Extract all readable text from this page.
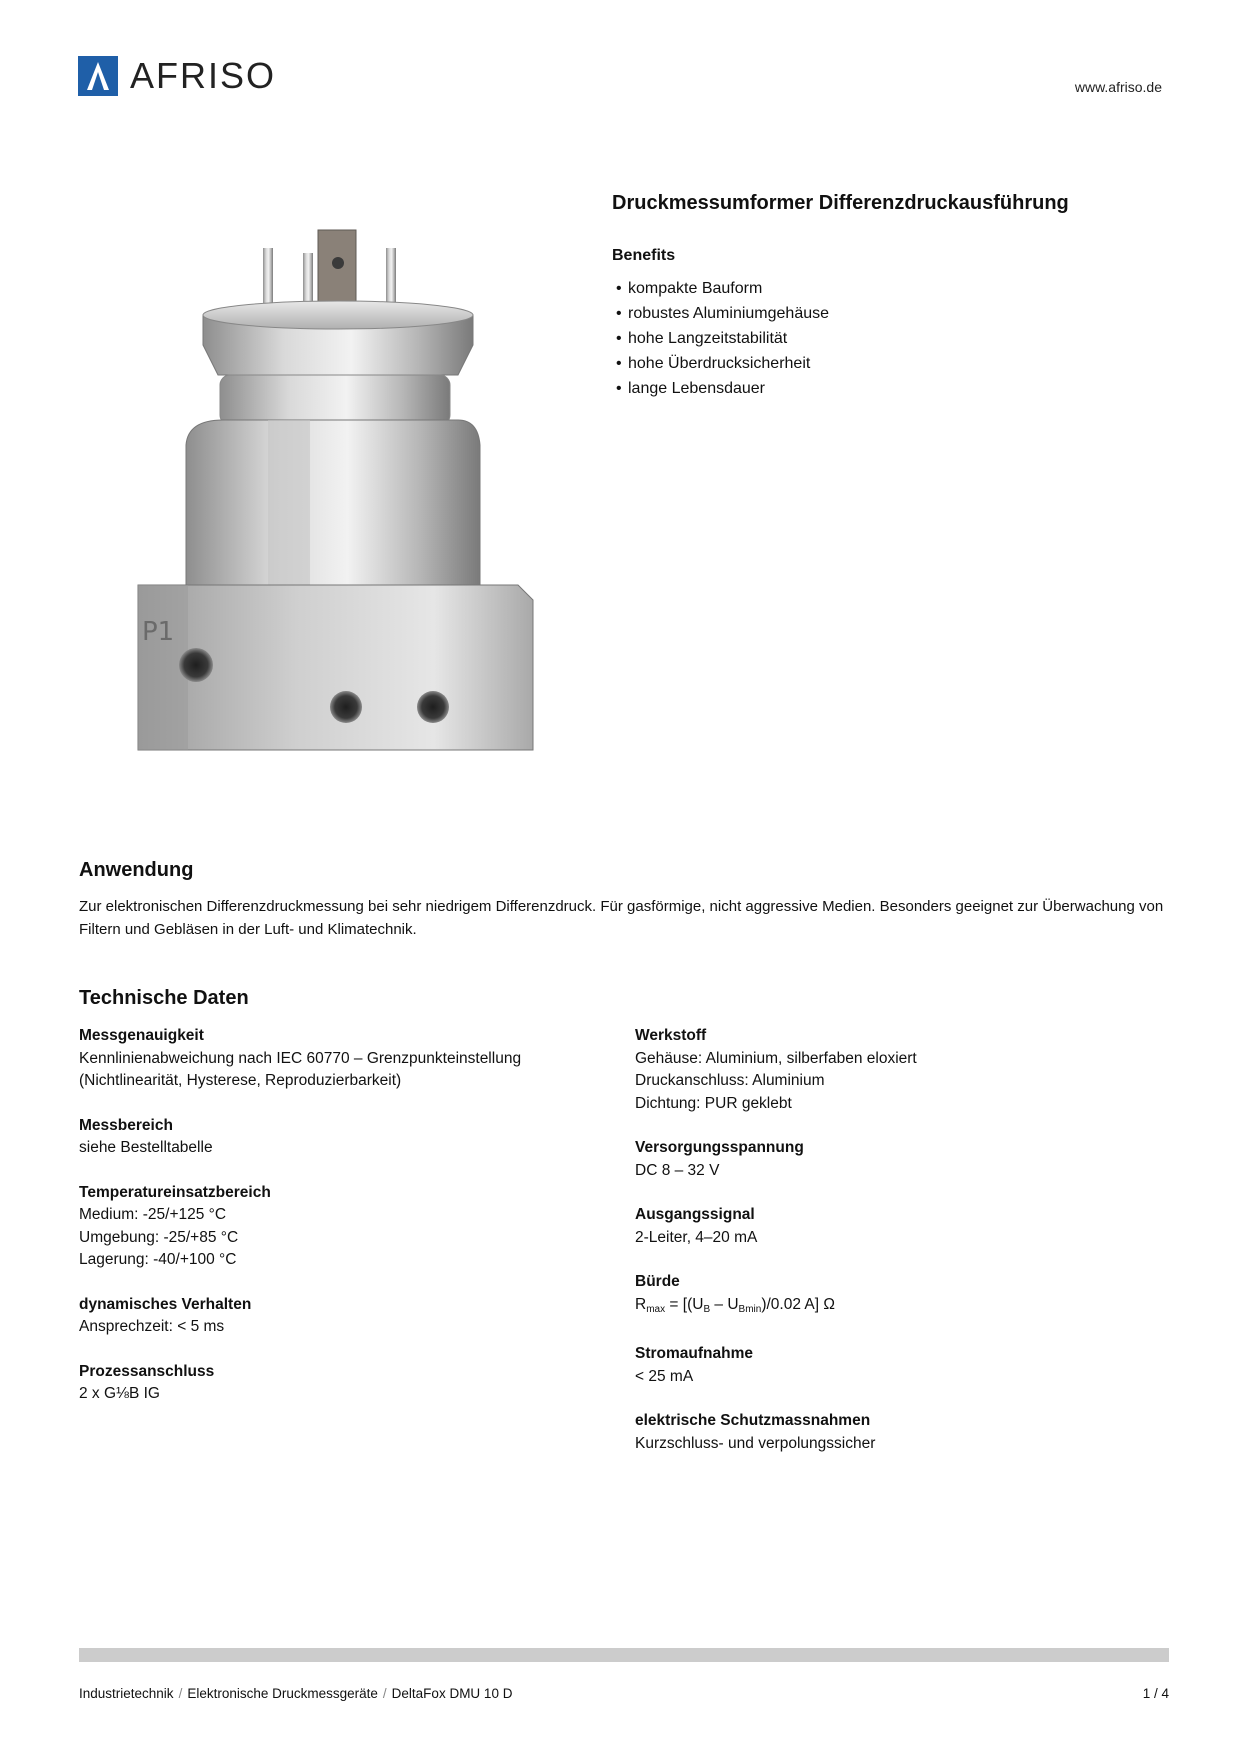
AFRISO	www.afriso.de
P1
Druckmessumformer Differenzdruckausführung
Benefits
• kompakte Bauform
• robustes Aluminiumgehäuse
• hohe Langzeitstabilität
• hohe Überdrucksicherheit
• lange Lebensdauer
Anwendung

Zur elektronischen Differenzdruckmessung bei sehr niedrigem Differenzdruck. Für gasförmige, nicht aggressive Medien. Besonders geeignet zur Überwachung von Filtern und Gebläsen in der Luft- und Klimatechnik.

Technische Daten
Messgenauigkeit
Kennlinienabweichung nach IEC 60770 – Grenzpunkteinstellung
(Nichtlinearität, Hysterese, Reproduzierbarkeit)
Messbereich
siehe Bestelltabelle
Temperatureinsatzbereich
Medium: -25/+125 °C
Umgebung: -25/+85 °C
Lagerung: -40/+100 °C
dynamisches Verhalten
Ansprechzeit: < 5 ms
Prozessanschluss
2 x G⅛B IG
Werkstoff
Gehäuse: Aluminium, silberfaben eloxiert
Druckanschluss: Aluminium
Dichtung: PUR geklebt
Versorgungsspannung
DC 8 – 32 V
Ausgangssignal
2-Leiter, 4–20 mA
Bürde
$R_{max} = [(U_B - U_{Bmin})/0.02$ A] Ω
Stromaufnahme
< 25 mA
elektrische Schutzmassnahmen
Kurzschluss- und verpolungssicher
Industrietechnik / Elektronische Druckmessgeräte / DeltaFox DMU 10 D	1 / 4
